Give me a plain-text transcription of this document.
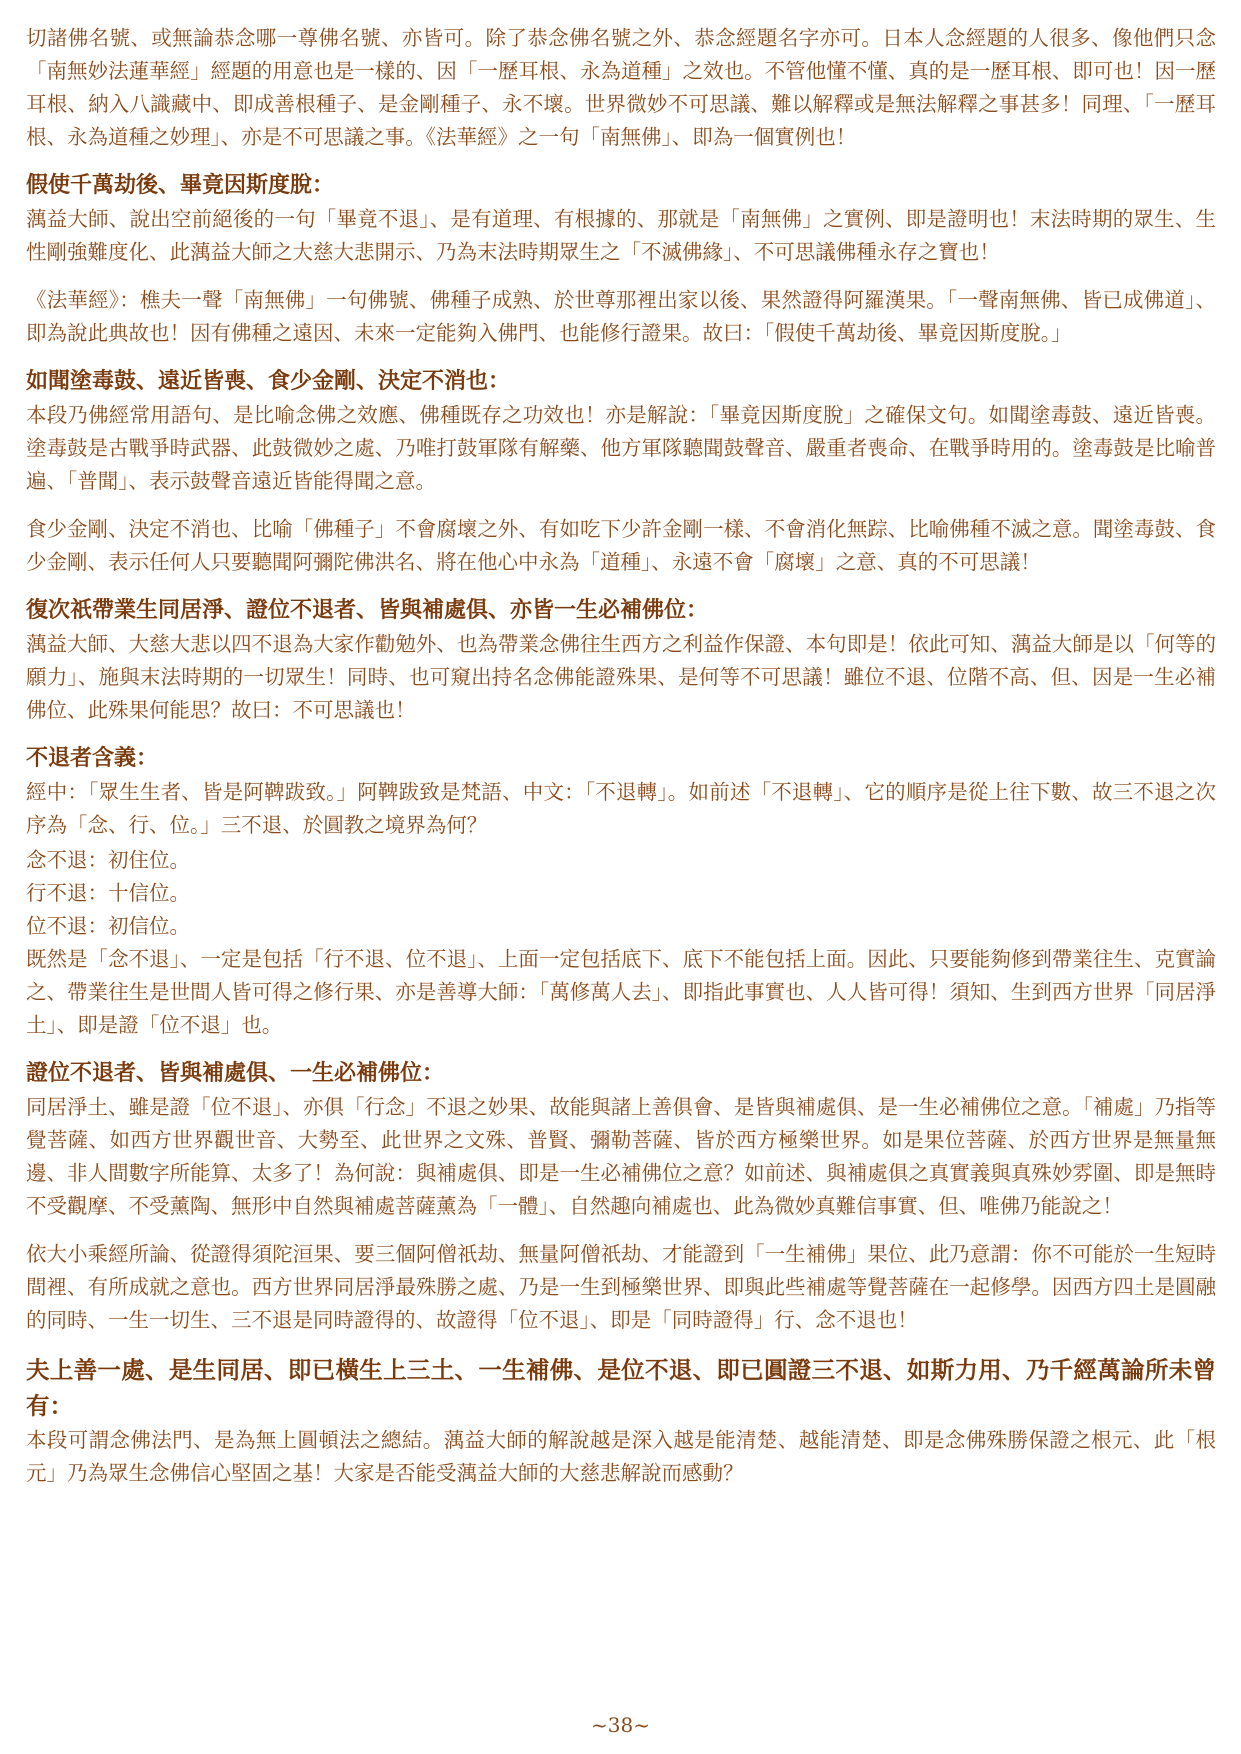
切諸佛名號、或無論恭念哪一尊佛名號、亦皆可。除了恭念佛名號之外、恭念經題名字亦可。日本人念經題的人很多、像他們只念「南無妙法蓮華經」經題的用意也是一樣的、因「一歷耳根、永為道種」之效也。不管他懂不懂、真的是一歷耳根、即可也！因一歷耳根、納入八識藏中、即成善根種子、是金剛種子、永不壞。世界微妙不可思議、難以解釋或是無法解釋之事甚多！同理、「一歷耳根、永為道種之妙理」、亦是不可思議之事。《法華經》之一句「南無佛」、即為一個實例也！

假使千萬劫後、畢竟因斯度脫：

蕅益大師、說出空前絕後的一句「畢竟不退」、是有道理、有根據的、那就是「南無佛」之實例、即是證明也！末法時期的眾生、生性剛強難度化、此蕅益大師之大慈大悲開示、乃為末法時期眾生之「不滅佛緣」、不可思議佛種永存之寶也！

《法華經》：樵夫一聲「南無佛」一句佛號、佛種子成熟、於世尊那裡出家以後、果然證得阿羅漢果。「一聲南無佛、皆已成佛道」、即為說此典故也！因有佛種之遠因、未來一定能夠入佛門、也能修行證果。故曰：「假使千萬劫後、畢竟因斯度脫。」

如聞塗毒鼓、遠近皆喪、食少金剛、決定不消也：

本段乃佛經常用語句、是比喻念佛之效應、佛種既存之功效也！亦是解說：「畢竟因斯度脫」之確保文句。如聞塗毒鼓、遠近皆喪。塗毒鼓是古戰爭時武器、此鼓微妙之處、乃唯打鼓軍隊有解藥、他方軍隊聽聞鼓聲音、嚴重者喪命、在戰爭時用的。塗毒鼓是比喻普遍、「普聞」、表示鼓聲音遠近皆能得聞之意。

食少金剛、決定不消也、比喻「佛種子」不會腐壞之外、有如吃下少許金剛一樣、不會消化無踪、比喻佛種不滅之意。聞塗毒鼓、食少金剛、表示任何人只要聽聞阿彌陀佛洪名、將在他心中永為「道種」、永遠不會「腐壞」之意、真的不可思議！

復次祇帶業生同居淨、證位不退者、皆與補處俱、亦皆一生必補佛位：

蕅益大師、大慈大悲以四不退為大家作勸勉外、也為帶業念佛往生西方之利益作保證、本句即是！依此可知、蕅益大師是以「何等的願力」、施與末法時期的一切眾生！同時、也可窺出持名念佛能證殊果、是何等不可思議！雖位不退、位階不高、但、因是一生必補佛位、此殊果何能思？故曰：不可思議也！

不退者含義：

經中：「眾生生者、皆是阿鞞跋致。」阿鞞跋致是梵語、中文：「不退轉」。如前述「不退轉」、它的順序是從上往下數、故三不退之次序為「念、行、位。」三不退、於圓教之境界為何？

念不退：初住位。

行不退：十信位。

位不退：初信位。

既然是「念不退」、一定是包括「行不退、位不退」、上面一定包括底下、底下不能包括上面。因此、只要能夠修到帶業往生、克實論之、帶業往生是世間人皆可得之修行果、亦是善導大師：「萬修萬人去」、即指此事實也、人人皆可得！須知、生到西方世界「同居淨土」、即是證「位不退」也。

證位不退者、皆與補處俱、一生必補佛位：

同居淨土、雖是證「位不退」、亦俱「行念」不退之妙果、故能與諸上善俱會、是皆與補處俱、是一生必補佛位之意。「補處」乃指等覺菩薩、如西方世界觀世音、大勢至、此世界之文殊、普賢、彌勒菩薩、皆於西方極樂世界。如是果位菩薩、於西方世界是無量無邊、非人間數字所能算、太多了！為何說：與補處俱、即是一生必補佛位之意？如前述、與補處俱之真實義與真殊妙雰圍、即是無時不受觀摩、不受薰陶、無形中自然與補處菩薩薰為「一體」、自然趣向補處也、此為微妙真難信事實、但、唯佛乃能說之！

依大小乘經所論、從證得須陀洹果、要三個阿僧祇劫、無量阿僧祇劫、才能證到「一生補佛」果位、此乃意謂：你不可能於一生短時間裡、有所成就之意也。西方世界同居淨最殊勝之處、乃是一生到極樂世界、即與此些補處等覺菩薩在一起修學。因西方四土是圓融的同時、一生一切生、三不退是同時證得的、故證得「位不退」、即是「同時證得」行、念不退也！

夫上善一處、是生同居、即已橫生上三土、一生補佛、是位不退、即已圓證三不退、如斯力用、乃千經萬論所未曾有：

本段可謂念佛法門、是為無上圓頓法之總結。蕅益大師的解說越是深入越是能清楚、越能清楚、即是念佛殊勝保證之根元、此「根元」乃為眾生念佛信心堅固之基！大家是否能受蕅益大師的大慈悲解說而感動？

~38~
